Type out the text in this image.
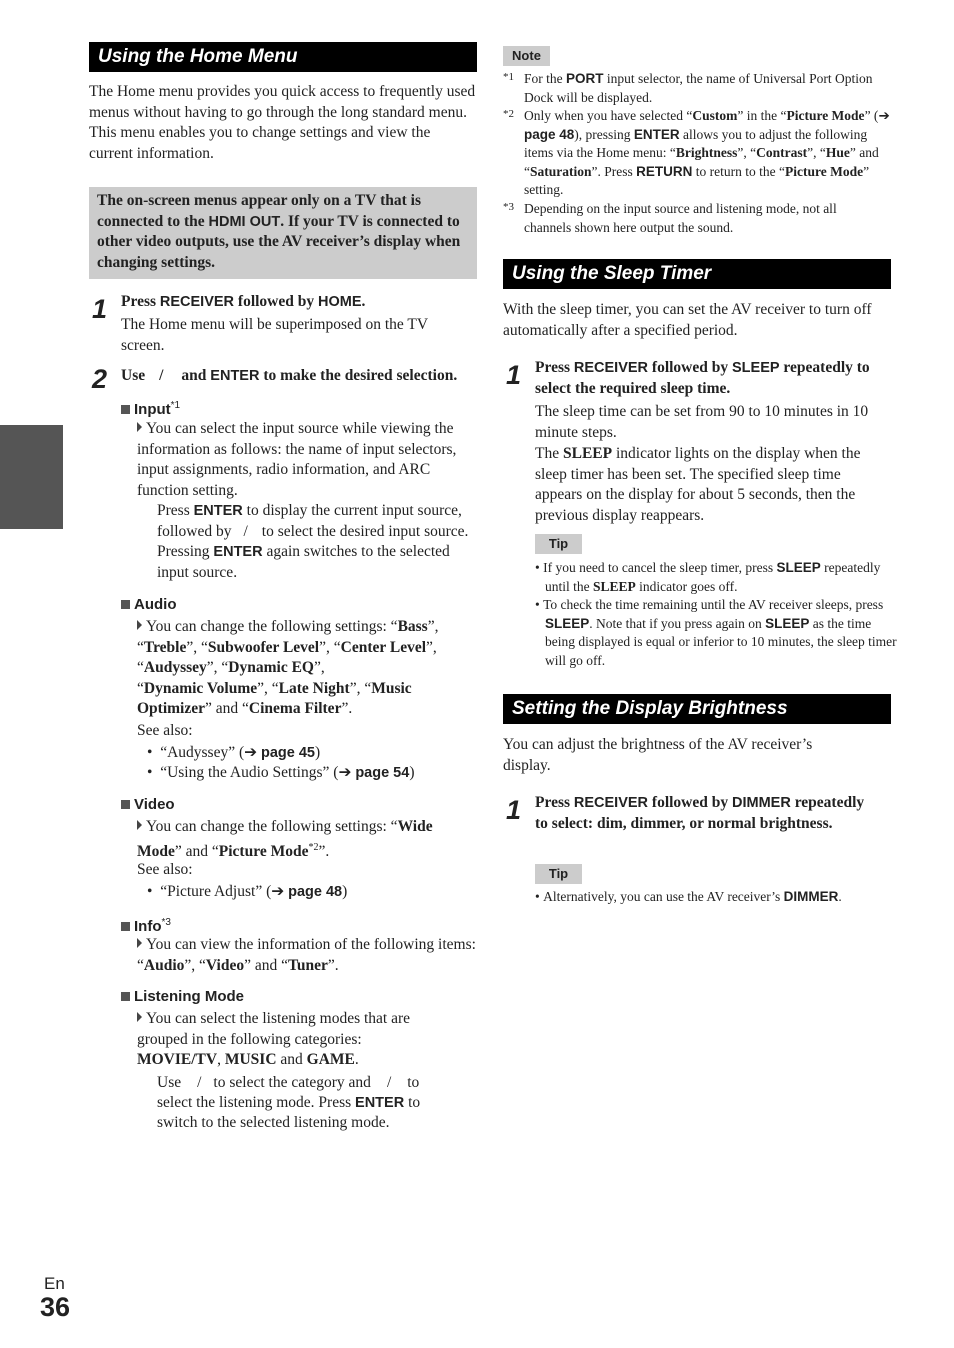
Using the Home Menu

The Home menu provides you quick access to frequently used menus without having to go through the long standard menu. This menu enables you to change settings and view the current information.

The on-screen menus appear only on a TV that is connected to the HDMI OUT. If your TV is connected to other video outputs, use the AV receiver’s display when changing settings.

1 Press RECEIVER followed by HOME.

The Home menu will be superimposed on the TV screen.

2 Use / and ENTER to make the desired selection.

Input$^{*1}$

You can select the input source while viewing the information as follows: the name of input selectors, input assignments, radio information, and ARC function setting.

Press ENTER to display the current input source, followed by / to select the desired input source. Pressing ENTER again switches to the selected input source.

Audio

You can change the following settings: “Bass”, “Treble”, “Subwoofer Level”, “Center Level”, “Audyssey”, “Dynamic EQ”,
“Dynamic Volume”, “Late Night”, “Music Optimizer” and “Cinema Filter”.

See also:

•  “Audyssey” (➔ page 45)

•  “Using the Audio Settings” (➔ page 54)

Video

You can change the following settings: “Wide Mode” and “Picture Mode$^{*2}$”.

See also:

•  “Picture Adjust” (➔ page 48)

Info$^{*3}$

You can view the information of the following items: “Audio”, “Video” and “Tuner”.

Listening Mode

You can select the listening modes that are grouped in the following categories:
MOVIE/TV, MUSIC and GAME.

Use / to select the category and / to

select the listening mode. Press ENTER to

switch to the selected listening mode.

Note
*1 For the PORT input selector, the name of Universal Port Option Dock will be displayed.

*2 Only when you have selected “Custom” in the “Picture Mode” (➔ page 48), pressing ENTER allows you to adjust the following items via the Home menu: “Brightness”, “Contrast”, “Hue” and “Saturation”. Press RETURN to return to the “Picture Mode” setting.

*3 Depending on the input source and listening mode, not all channels shown here output the sound.

Using the Sleep Timer

With the sleep timer, you can set the AV receiver to turn off automatically after a specified period.

1 Press RECEIVER followed by SLEEP repeatedly to select the required sleep time.

The sleep time can be set from 90 to 10 minutes in 10 minute steps.

The SLEEP indicator lights on the display when the sleep timer has been set. The specified sleep time appears on the display for about 5 seconds, then the previous display reappears.

Tip

• If you need to cancel the sleep timer, press SLEEP repeatedly until the SLEEP indicator goes off.

• To check the time remaining until the AV receiver sleeps, press SLEEP. Note that if you press again on SLEEP as the time being displayed is equal or inferior to 10 minutes, the sleep timer will go off.

Setting the Display Brightness

You can adjust the brightness of the AV receiver’s display.

1 Press RECEIVER followed by DIMMER repeatedly to select: dim, dimmer, or normal brightness.

Tip

• Alternatively, you can use the AV receiver’s DIMMER.

En
36
